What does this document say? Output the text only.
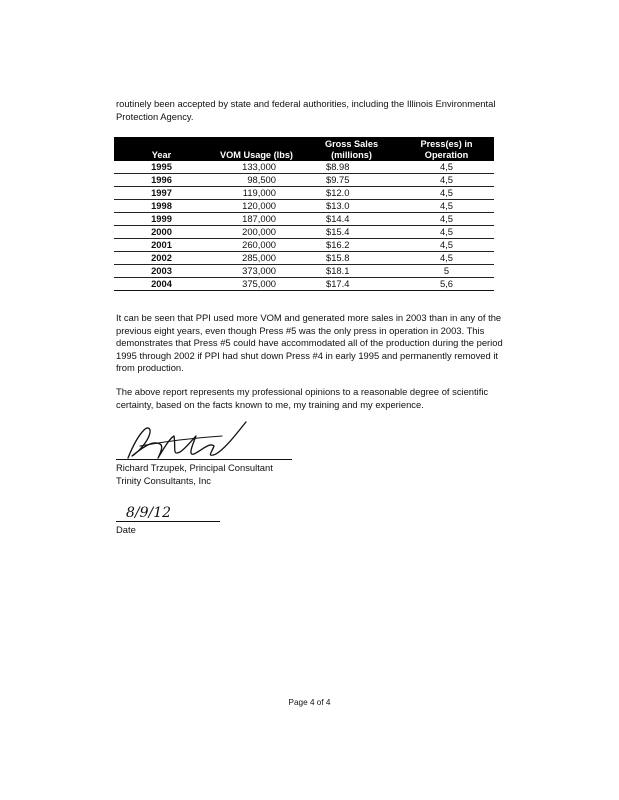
routinely been accepted by state and federal authorities, including the Illinois Environmental Protection Agency.

Year	VOM Usage (lbs)	Gross Sales (millions)	Press(es) in Operation
1995	133,000	$8.98	4,5
1996	98,500	$9.75	4,5
1997	119,000	$12.0	4,5
1998	120,000	$13.0	4,5
1999	187,000	$14.4	4,5
2000	200,000	$15.4	4,5
2001	260,000	$16.2	4,5
2002	285,000	$15.8	4,5
2003	373,000	$18.1	5
2004	375,000	$17.4	5,6

It can be seen that PPI used more VOM and generated more sales in 2003 than in any of the previous eight years, even though Press #5 was the only press in operation in 2003. This demonstrates that Press #5 could have accommodated all of the production during the period 1995 through 2002 if PPI had shut down Press #4 in early 1995 and permanently removed it from production.

The above report represents my professional opinions to a reasonable degree of scientific certainty, based on the facts known to me, my training and my experience.

Richard Trzupek, Principal Consultant
Trinity Consultants, Inc

8/9/12
Date
Page 4 of 4
